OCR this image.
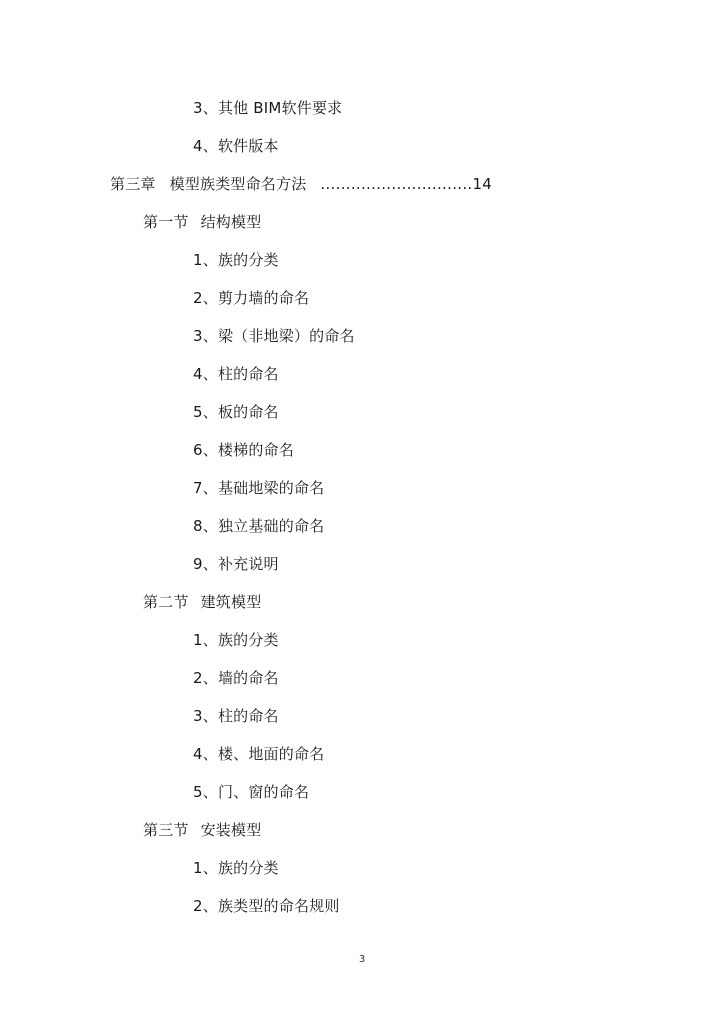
3、其他 BIM软件要求
4、软件版本
第三章 模型族类型命名方法 ..............................14
第一节 结构模型
1、族的分类
2、剪力墙的命名
3、梁（非地梁）的命名
4、柱的命名
5、板的命名
6、楼梯的命名
7、基础地梁的命名
8、独立基础的命名
9、补充说明
第二节 建筑模型
1、族的分类
2、墙的命名
3、柱的命名
4、楼、地面的命名
5、门、窗的命名
第三节 安装模型
1、族的分类
2、族类型的命名规则
3
